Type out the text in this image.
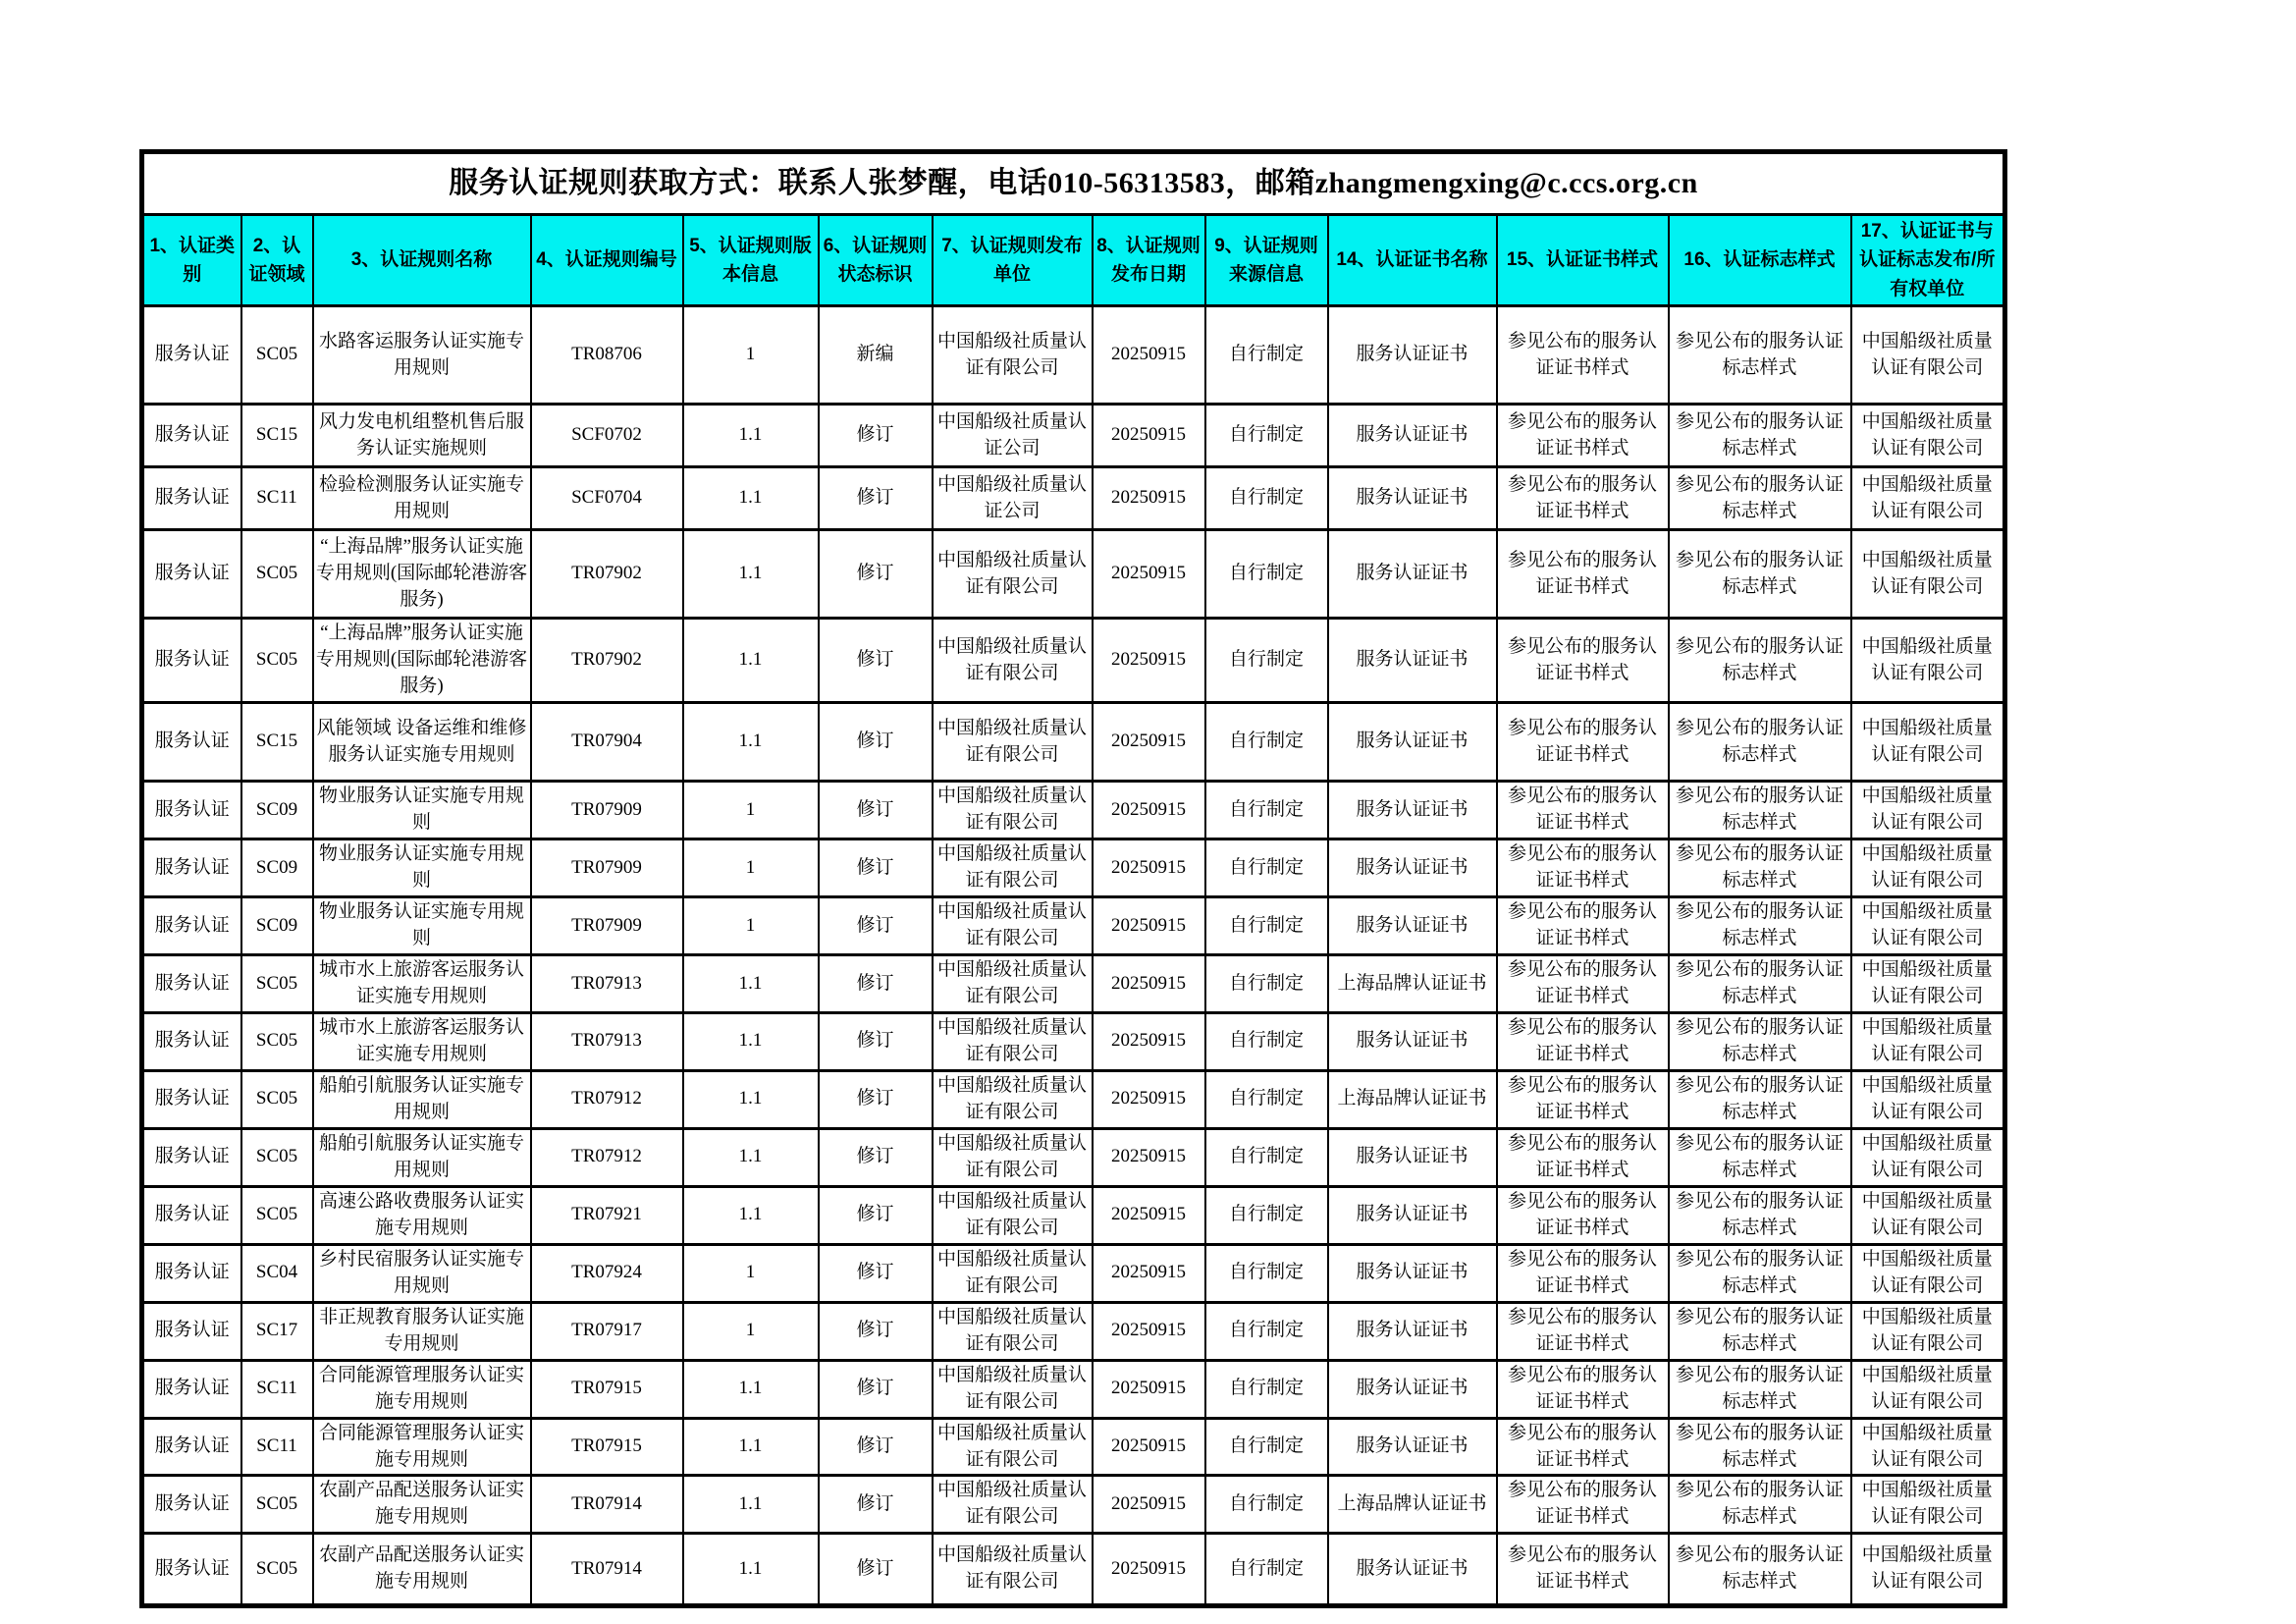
服务认证规则获取方式：联系人张梦醒，电话010-56313583，邮箱zhangmengxing@c.ccs.org.cn												
1、认证类别	2、认证领域	3、认证规则名称	4、认证规则编号	5、认证规则版本信息	6、认证规则状态标识	7、认证规则发布单位	8、认证规则发布日期	9、认证规则来源信息	14、认证证书名称	15、认证证书样式	16、认证标志样式	17、认证证书与认证标志发布/所有权单位
服务认证	SC05	水路客运服务认证实施专用规则	TR08706	1	新编	中国船级社质量认证有限公司	20250915	自行制定	服务认证证书	参见公布的服务认证证书样式	参见公布的服务认证标志样式	中国船级社质量认证有限公司
服务认证	SC15	风力发电机组整机售后服务认证实施规则	SCF0702	1.1	修订	中国船级社质量认证公司	20250915	自行制定	服务认证证书	参见公布的服务认证证书样式	参见公布的服务认证标志样式	中国船级社质量认证有限公司
服务认证	SC11	检验检测服务认证实施专用规则	SCF0704	1.1	修订	中国船级社质量认证公司	20250915	自行制定	服务认证证书	参见公布的服务认证证书样式	参见公布的服务认证标志样式	中国船级社质量认证有限公司
服务认证	SC05	“上海品牌”服务认证实施专用规则(国际邮轮港游客服务)	TR07902	1.1	修订	中国船级社质量认证有限公司	20250915	自行制定	服务认证证书	参见公布的服务认证证书样式	参见公布的服务认证标志样式	中国船级社质量认证有限公司
服务认证	SC05	“上海品牌”服务认证实施专用规则(国际邮轮港游客服务)	TR07902	1.1	修订	中国船级社质量认证有限公司	20250915	自行制定	服务认证证书	参见公布的服务认证证书样式	参见公布的服务认证标志样式	中国船级社质量认证有限公司
服务认证	SC15	风能领域 设备运维和维修服务认证实施专用规则	TR07904	1.1	修订	中国船级社质量认证有限公司	20250915	自行制定	服务认证证书	参见公布的服务认证证书样式	参见公布的服务认证标志样式	中国船级社质量认证有限公司
服务认证	SC09	物业服务认证实施专用规则	TR07909	1	修订	中国船级社质量认证有限公司	20250915	自行制定	服务认证证书	参见公布的服务认证证书样式	参见公布的服务认证标志样式	中国船级社质量认证有限公司
服务认证	SC09	物业服务认证实施专用规则	TR07909	1	修订	中国船级社质量认证有限公司	20250915	自行制定	服务认证证书	参见公布的服务认证证书样式	参见公布的服务认证标志样式	中国船级社质量认证有限公司
服务认证	SC09	物业服务认证实施专用规则	TR07909	1	修订	中国船级社质量认证有限公司	20250915	自行制定	服务认证证书	参见公布的服务认证证书样式	参见公布的服务认证标志样式	中国船级社质量认证有限公司
服务认证	SC05	城市水上旅游客运服务认证实施专用规则	TR07913	1.1	修订	中国船级社质量认证有限公司	20250915	自行制定	上海品牌认证证书	参见公布的服务认证证书样式	参见公布的服务认证标志样式	中国船级社质量认证有限公司
服务认证	SC05	城市水上旅游客运服务认证实施专用规则	TR07913	1.1	修订	中国船级社质量认证有限公司	20250915	自行制定	服务认证证书	参见公布的服务认证证书样式	参见公布的服务认证标志样式	中国船级社质量认证有限公司
服务认证	SC05	船舶引航服务认证实施专用规则	TR07912	1.1	修订	中国船级社质量认证有限公司	20250915	自行制定	上海品牌认证证书	参见公布的服务认证证书样式	参见公布的服务认证标志样式	中国船级社质量认证有限公司
服务认证	SC05	船舶引航服务认证实施专用规则	TR07912	1.1	修订	中国船级社质量认证有限公司	20250915	自行制定	服务认证证书	参见公布的服务认证证书样式	参见公布的服务认证标志样式	中国船级社质量认证有限公司
服务认证	SC05	高速公路收费服务认证实施专用规则	TR07921	1.1	修订	中国船级社质量认证有限公司	20250915	自行制定	服务认证证书	参见公布的服务认证证书样式	参见公布的服务认证标志样式	中国船级社质量认证有限公司
服务认证	SC04	乡村民宿服务认证实施专用规则	TR07924	1	修订	中国船级社质量认证有限公司	20250915	自行制定	服务认证证书	参见公布的服务认证证书样式	参见公布的服务认证标志样式	中国船级社质量认证有限公司
服务认证	SC17	非正规教育服务认证实施专用规则	TR07917	1	修订	中国船级社质量认证有限公司	20250915	自行制定	服务认证证书	参见公布的服务认证证书样式	参见公布的服务认证标志样式	中国船级社质量认证有限公司
服务认证	SC11	合同能源管理服务认证实施专用规则	TR07915	1.1	修订	中国船级社质量认证有限公司	20250915	自行制定	服务认证证书	参见公布的服务认证证书样式	参见公布的服务认证标志样式	中国船级社质量认证有限公司
服务认证	SC11	合同能源管理服务认证实施专用规则	TR07915	1.1	修订	中国船级社质量认证有限公司	20250915	自行制定	服务认证证书	参见公布的服务认证证书样式	参见公布的服务认证标志样式	中国船级社质量认证有限公司
服务认证	SC05	农副产品配送服务认证实施专用规则	TR07914	1.1	修订	中国船级社质量认证有限公司	20250915	自行制定	上海品牌认证证书	参见公布的服务认证证书样式	参见公布的服务认证标志样式	中国船级社质量认证有限公司
服务认证	SC05	农副产品配送服务认证实施专用规则	TR07914	1.1	修订	中国船级社质量认证有限公司	20250915	自行制定	服务认证证书	参见公布的服务认证证书样式	参见公布的服务认证标志样式	中国船级社质量认证有限公司
